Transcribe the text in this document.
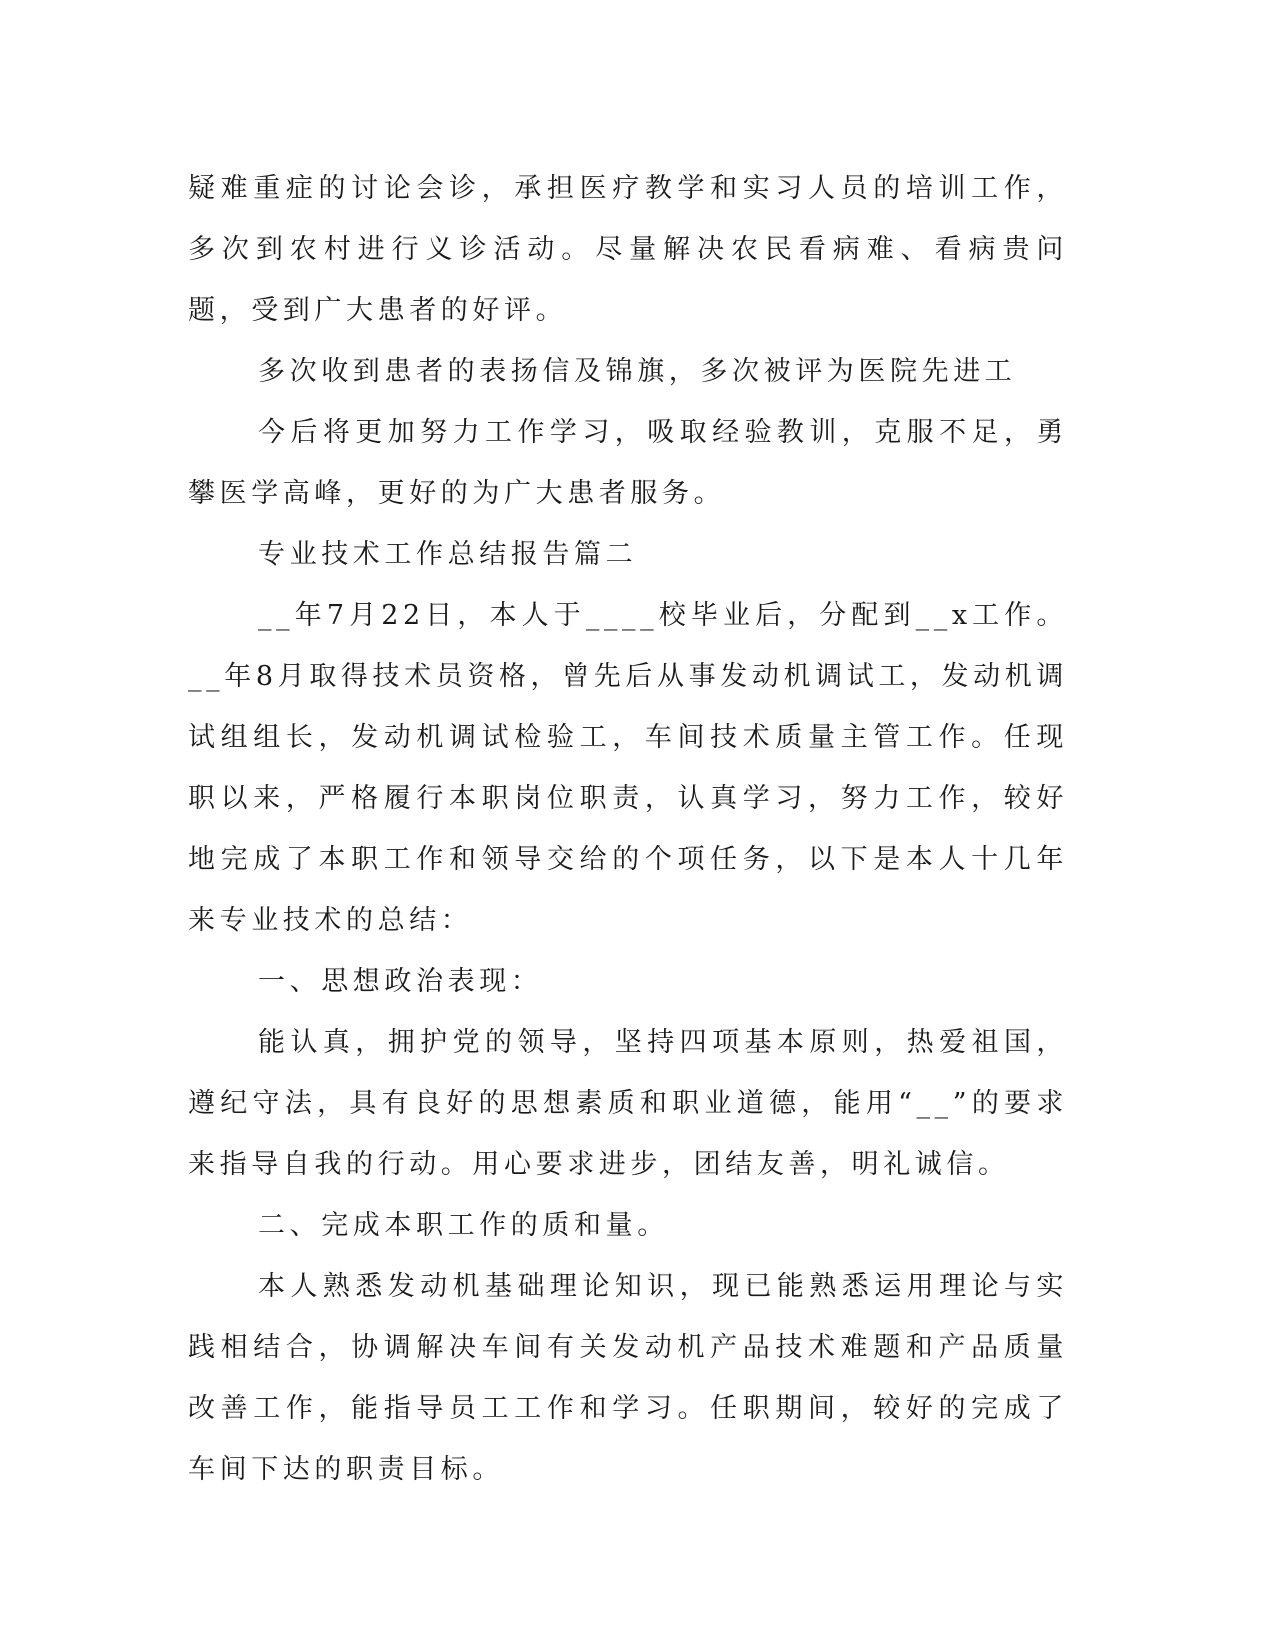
疑难重症的讨论会诊，承担医疗教学和实习人员的培训工作，多次到农村进行义诊活动。尽量解决农民看病难、看病贵问题，受到广大患者的好评。

多次收到患者的表扬信及锦旗，多次被评为医院先进工

今后将更加努力工作学习，吸取经验教训，克服不足，勇攀医学高峰，更好的为广大患者服务。

专业技术工作总结报告篇二

__年7月22日，本人于____校毕业后，分配到__x工作。__年8月取得技术员资格，曾先后从事发动机调试工，发动机调试组组长，发动机调试检验工，车间技术质量主管工作。任现职以来，严格履行本职岗位职责，认真学习，努力工作，较好地完成了本职工作和领导交给的个项任务，以下是本人十几年来专业技术的总结：

一、思想政治表现：

能认真，拥护党的领导，坚持四项基本原则，热爱祖国，遵纪守法，具有良好的思想素质和职业道德，能用“__”的要求来指导自我的行动。用心要求进步，团结友善，明礼诚信。

二、完成本职工作的质和量。

本人熟悉发动机基础理论知识，现已能熟悉运用理论与实践相结合，协调解决车间有关发动机产品技术难题和产品质量改善工作，能指导员工工作和学习。任职期间，较好的完成了车间下达的职责目标。
